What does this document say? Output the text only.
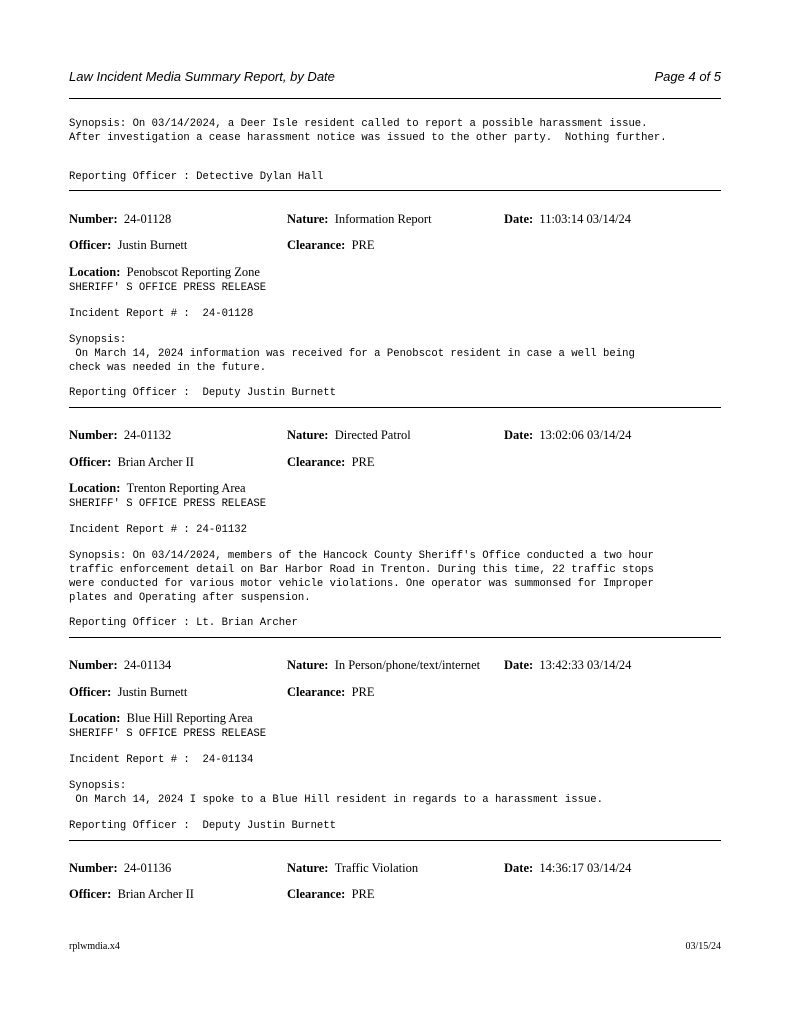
Law Incident Media Summary Report, by Date	Page 4 of 5
Synopsis: On 03/14/2024, a Deer Isle resident called to report a possible harassment issue.
After investigation a cease harassment notice was issued to the other party.  Nothing further.
Reporting Officer : Detective Dylan Hall
Number: 24-01128	Nature: Information Report	Date: 11:03:14 03/14/24
Officer: Justin Burnett	Clearance: PRE
Location: Penobscot Reporting Zone
SHERIFF' S OFFICE PRESS RELEASE
Incident Report # :  24-01128
Synopsis:
On March 14, 2024 information was received for a Penobscot resident in case a well being
check was needed in the future.
Reporting Officer :  Deputy Justin Burnett
Number: 24-01132	Nature: Directed Patrol	Date: 13:02:06 03/14/24
Officer: Brian Archer II	Clearance: PRE
Location: Trenton Reporting Area
SHERIFF' S OFFICE PRESS RELEASE
Incident Report # : 24-01132
Synopsis: On 03/14/2024, members of the Hancock County Sheriff's Office conducted a two hour
traffic enforcement detail on Bar Harbor Road in Trenton. During this time, 22 traffic stops
were conducted for various motor vehicle violations. One operator was summonsed for Improper
plates and Operating after suspension.
Reporting Officer : Lt. Brian Archer
Number: 24-01134	Nature: In Person/phone/text/internet Date: 13:42:33 03/14/24
Officer: Justin Burnett	Clearance: PRE
Location: Blue Hill Reporting Area
SHERIFF' S OFFICE PRESS RELEASE
Incident Report # :  24-01134
Synopsis:
On March 14, 2024 I spoke to a Blue Hill resident in regards to a harassment issue.
Reporting Officer :  Deputy Justin Burnett
Number: 24-01136	Nature: Traffic Violation	Date: 14:36:17 03/14/24
Officer: Brian Archer II	Clearance: PRE
rplwmdia.x4	03/15/24
